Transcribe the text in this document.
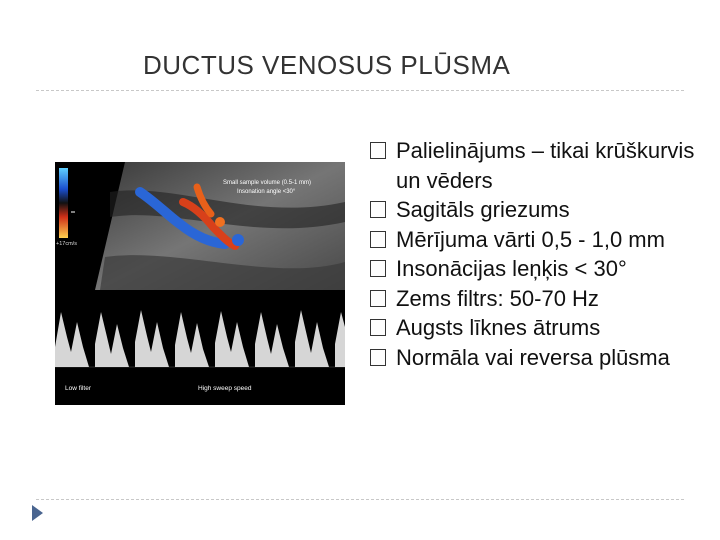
DUCTUS VENOSUS PLŪSMA
Small sample volume (0.5-1 mm)
Insonation angle <30°
+17cm/s
Low filter	High sweep speed
Palielinājums – tikai krūškurvis un vēders
Sagitāls griezums
Mērījuma vārti 0,5 - 1,0 mm
Insonācijas leņķis < 30°
Zems filtrs: 50-70 Hz
Augsts līknes ātrums
Normāla vai reversa plūsma
